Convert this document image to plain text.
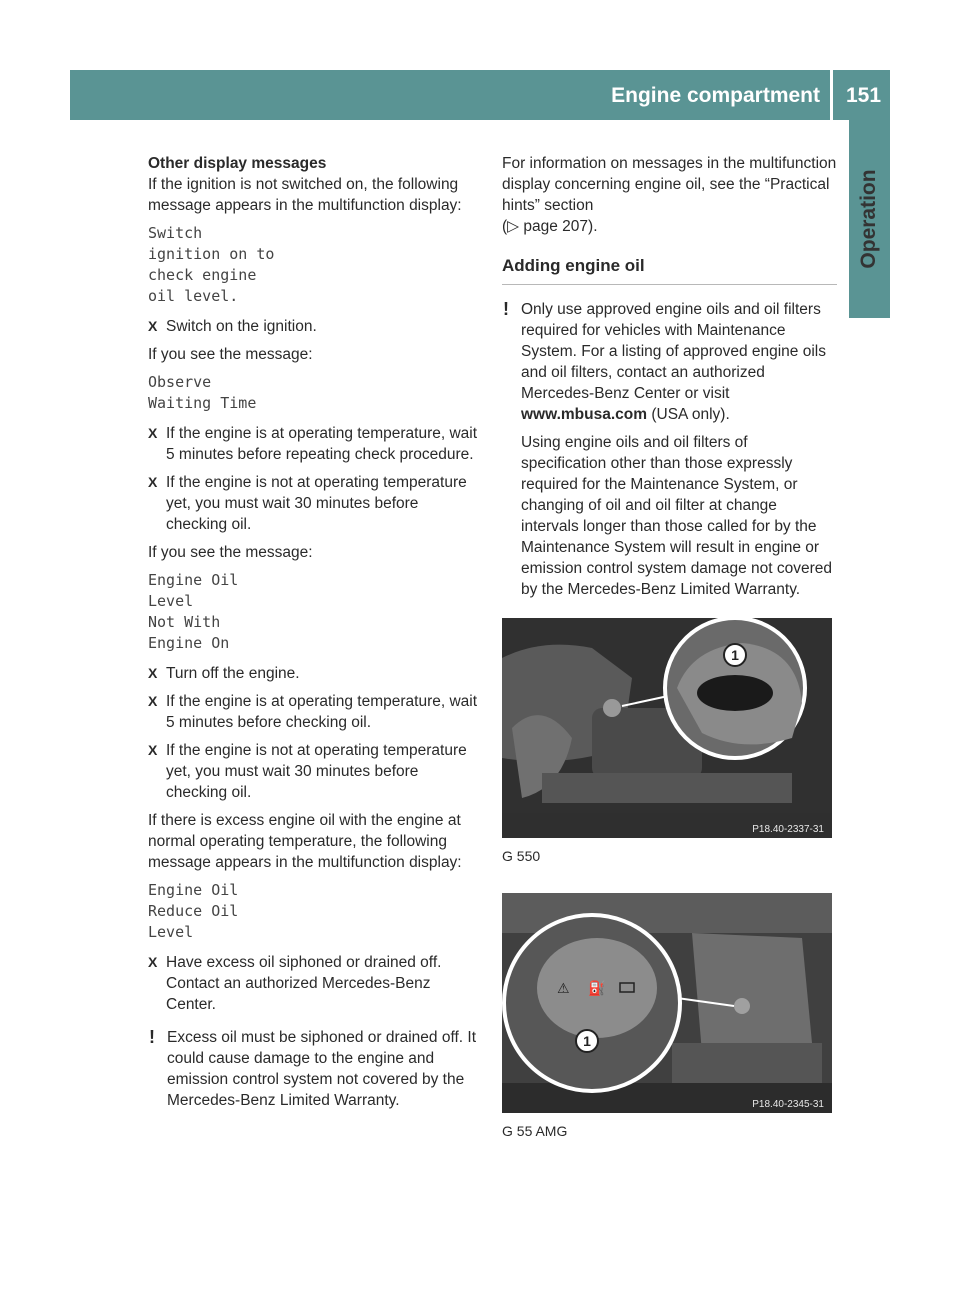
Engine compartment 151
Operation

Other display messages

If the ignition is not switched on, the following message appears in the multifunction display:

Switch
ignition on to
check engine
oil level.
X Switch on the ignition.

If you see the message:

Observe
Waiting Time
X If the engine is at operating temperature, wait 5 minutes before repeating check procedure.
X If the engine is not at operating temperature yet, you must wait 30 minutes before checking oil.

If you see the message:

Engine Oil
Level
Not With
Engine On
X Turn off the engine.
X If the engine is at operating temperature, wait 5 minutes before checking oil.
X If the engine is not at operating temperature yet, you must wait 30 minutes before checking oil.

If there is excess engine oil with the engine at normal operating temperature, the following message appears in the multifunction display:

Engine Oil
Reduce Oil
Level
X Have excess oil siphoned or drained off. Contact an authorized Mercedes-Benz Center.
! Excess oil must be siphoned or drained off. It could cause damage to the engine and emission control system not covered by the Mercedes-Benz Limited Warranty.

For information on messages in the multifunction display concerning engine oil, see the “Practical hints” section

(▷ page 207).

Adding engine oil
! Only use approved engine oils and oil filters required for vehicles with Maintenance System. For a listing of approved engine oils and oil filters, contact an authorized Mercedes-Benz Center or visit www.mbusa.com (USA only).

Using engine oils and oil filters of specification other than those expressly required for the Maintenance System, or changing of oil and oil filter at change intervals longer than those called for by the Maintenance System will result in engine or emission control system damage not covered by the Mercedes-Benz Limited Warranty.

1
P18.40-2337-31
G 550
⚠ ⛽
1
P18.40-2345-31
G 55 AMG
